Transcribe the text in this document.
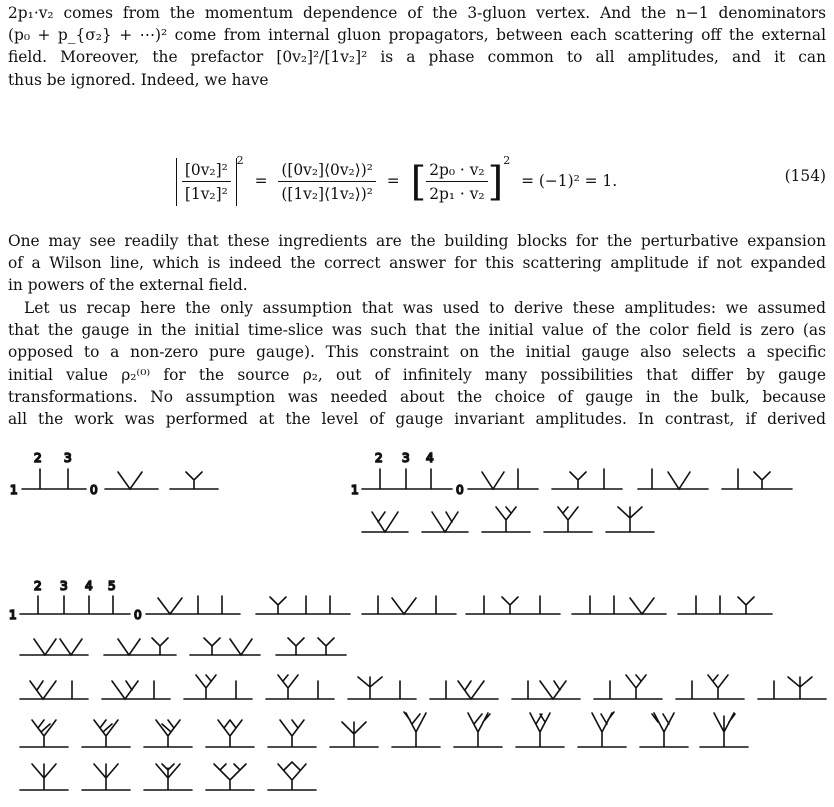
2p₁·v₂ comes from the momentum dependence of the 3-gluon vertex. And the n−1 denominators
(p₀ + p_{σ₂} + ⋯)² come from internal gluon propagators, between each scattering off the external
field. Moreover, the prefactor [0v₂]²/[1v₂]² is a phase common to all amplitudes, and it can
thus be ignored. Indeed, we have

$\frac{\text{[0v₂]²}}{\text{[1v₂]²}}$
$^2 = \frac{\text{([0v₂]⟨0v₂⟩)²}}{\text{([1v₂]⟨1v₂⟩)²}}$ = [ $\frac{\text{2p₀ · v₂}}{\text{2p₁ · v₂}} ]^2 = (-1)^2 = 1$.	(154)

One may see readily that these ingredients are the building blocks for the perturbative expansion
of a Wilson line, which is indeed the correct answer for this scattering amplitude if not expanded
in powers of the external field.

Let us recap here the only assumption that was used to derive these amplitudes: we assumed
that the gauge in the initial time-slice was such that the initial value of the color field is zero (as
opposed to a non-zero pure gauge). This constraint on the initial gauge also selects a specific
initial value ρ₂⁽⁰⁾ for the source ρ₂, out of infinitely many possibilities that differ by gauge
transformations. No assumption was needed about the choice of gauge in the bulk, because
all the work was performed at the level of gauge invariant amplitudes. In contrast, if derived

1
2 3
0	1
2 3 4
0
1
2 3 4 5
0
